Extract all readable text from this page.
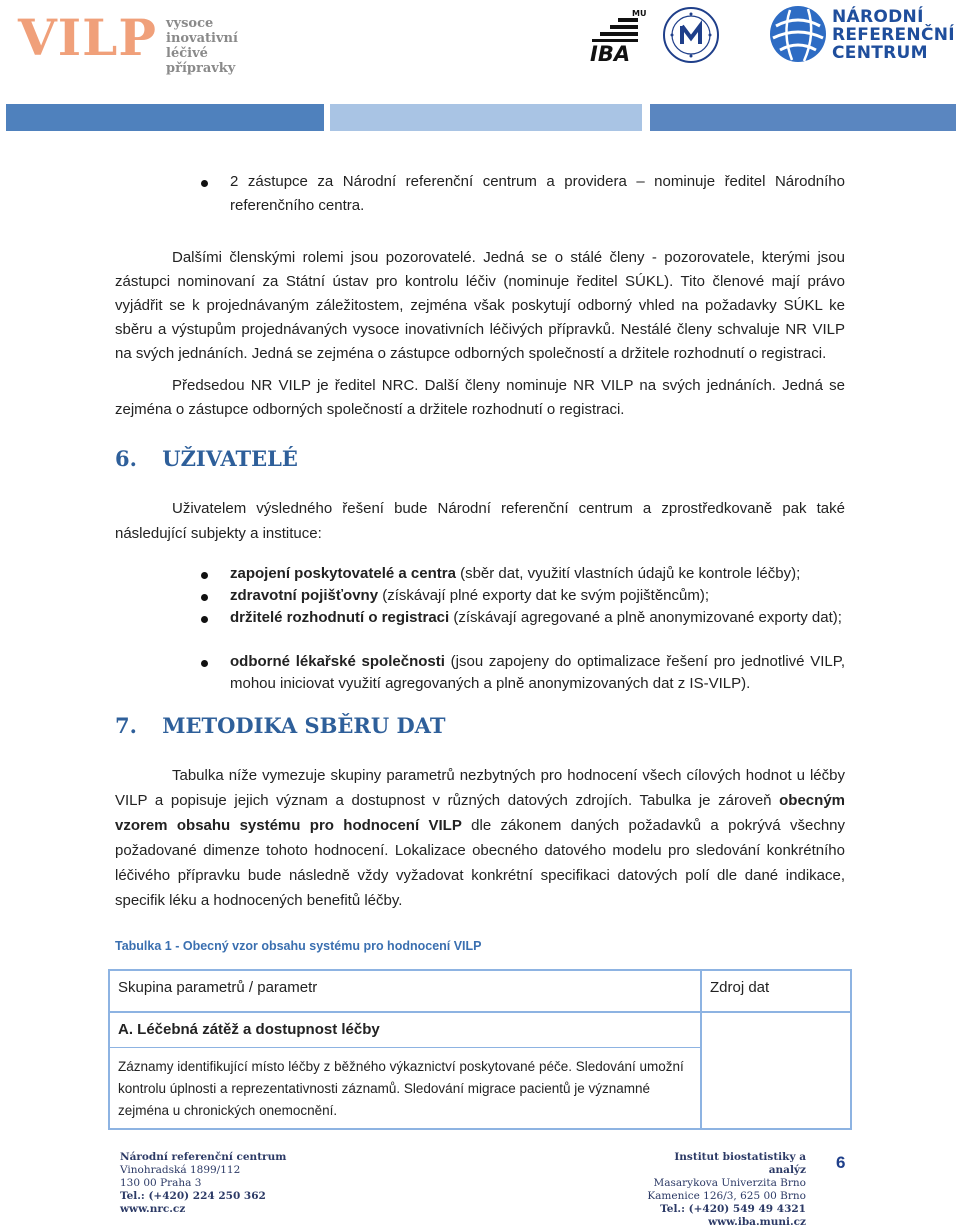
VILP vysoce
inovativní
léčivé přípravky
MU
IBA
NÁRODNÍ
REFERENČNÍ
CENTRUM
2 zástupce za Národní referenční centrum a providera – nominuje ředitel Národního referenčního centra.
Dalšími členskými rolemi jsou pozorovatelé. Jedná se o stálé členy - pozorovatele, kterými jsou zástupci nominovaní za Státní ústav pro kontrolu léčiv (nominuje ředitel SÚKL). Tito členové mají právo vyjádřit se k projednávaným záležitostem, zejména však poskytují odborný vhled na požadavky SÚKL ke sběru a výstupům projednávaných vysoce inovativních léčivých přípravků. Nestálé členy schvaluje NR VILP na svých jednáních. Jedná se zejména o zástupce odborných společností a držitele rozhodnutí o registraci.
Předsedou NR VILP je ředitel NRC. Další členy nominuje NR VILP na svých jednáních. Jedná se zejména o zástupce odborných společností a držitele rozhodnutí o registraci.
6. UŽIVATELÉ
Uživatelem výsledného řešení bude Národní referenční centrum a zprostředkovaně pak také následující subjekty a instituce:
zapojení poskytovatelé a centra (sběr dat, využití vlastních údajů ke kontrole léčby);
zdravotní pojišťovny (získávají plné exporty dat ke svým pojištěncům);
držitelé rozhodnutí o registraci (získávají agregované a plně anonymizované exporty dat);
odborné lékařské společnosti (jsou zapojeny do optimalizace řešení pro jednotlivé VILP, mohou iniciovat využití agregovaných a plně anonymizovaných dat z IS-VILP).
7. METODIKA SBĚRU DAT
Tabulka níže vymezuje skupiny parametrů nezbytných pro hodnocení všech cílových hodnot u léčby VILP a popisuje jejich význam a dostupnost v různých datových zdrojích. Tabulka je zároveň obecným vzorem obsahu systému pro hodnocení VILP dle zákonem daných požadavků a pokrývá všechny požadované dimenze tohoto hodnocení. Lokalizace obecného datového modelu pro sledování konkrétního léčivého přípravku bude následně vždy vyžadovat konkrétní specifikaci datových polí dle dané indikace, specifik léku a hodnocených benefitů léčby.
Tabulka 1 - Obecný vzor obsahu systému pro hodnocení VILP
Skupina parametrů / parametr	Zdroj dat

A. Léčebná zátěž a dostupnost léčby
Záznamy identifikující místo léčby z běžného výkaznictví poskytované péče. Sledování umožní kontrolu úplnosti a reprezentativnosti záznamů. Sledování migrace pacientů je významné zejména u chronických onemocnění.	

Národní referenční centrum
Vinohradská 1899/112
130 00 Praha 3
Tel.: (+420) 224 250 362
www.nrc.cz
Institut biostatistiky a analýz
Masarykova Univerzita Brno
Kamenice 126/3, 625 00 Brno
Tel.: (+420) 549 49 4321
www.iba.muni.cz
6
